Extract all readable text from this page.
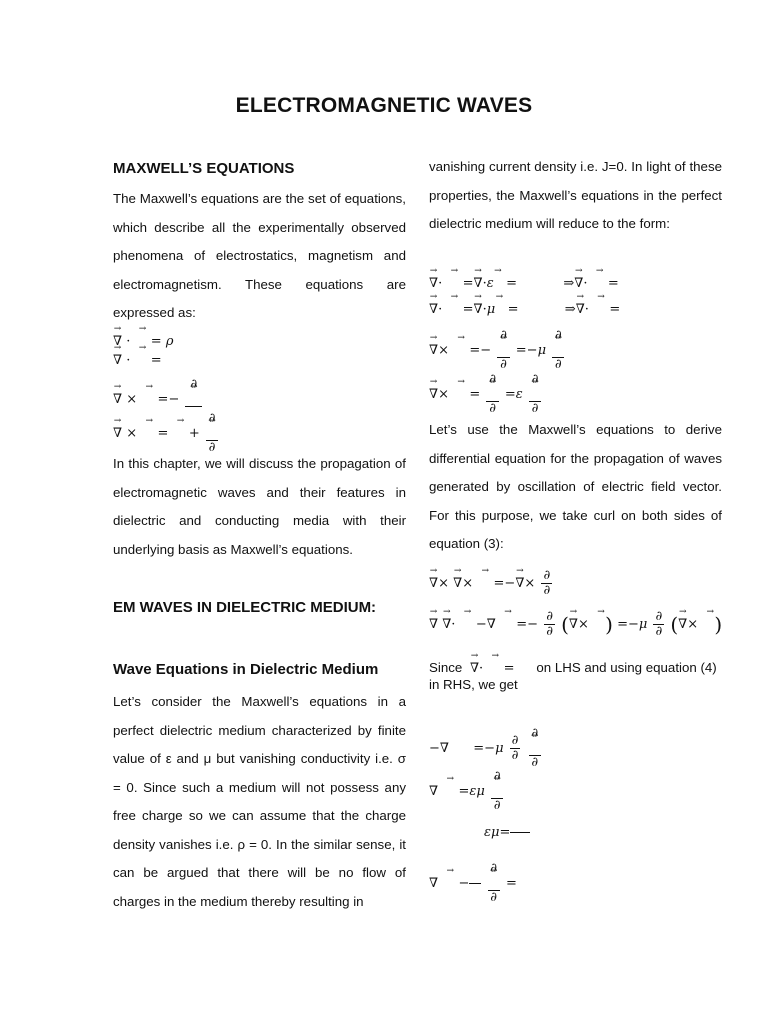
ELECTROMAGNETIC WAVES
MAXWELL’S EQUATIONS
The Maxwell’s equations are the set of equations, which describe all the experimentally observed phenomena of electrostatics, magnetism and electromagnetism. These equations are expressed as:
→ ∇ · → = ρ
→ ∇ · → =
→ ∇ × → =−
∂
→

→ ∇ × → = → + ∂
→
∂
In this chapter, we will discuss the propagation of electromagnetic waves and their features in dielectric and conducting media with their underlying basis as Maxwell’s equations.
EM WAVES IN DIELECTRIC MEDIUM:
Wave Equations in Dielectric Medium
Let’s consider the Maxwell’s equations in a perfect dielectric medium characterized by finite value of ε and μ but vanishing conductivity i.e. σ = 0. Since such a medium will not possess any free charge so we can assume that the charge density vanishes i.e. ρ = 0. In the similar sense, it can be argued that there will be no flow of charges in the medium thereby resulting in
vanishing current density i.e. J=0. In light of these properties, the Maxwell’s equations in the perfect dielectric medium will reduce to the form:
→ ∇· → =→ ∇·ε → =	⇒→ ∇· → =
→ ∇· → =→ ∇·μ → =	⇒→ ∇· → =
→ ∇× → =− ∂
→
∂ =−μ ∂
→
∂
→ ∇× → = ∂
→
∂ =ε ∂
→
∂
Let’s use the Maxwell’s equations to derive differential equation for the propagation of waves generated by oscillation of electric field vector. For this purpose, we take curl on both sides of equation (3):
→ ∇× → ∇× → =−→ ∇× $\frac{\partial}{\partial}$
→ ∇ → ∇· → −∇ → =− $\frac{\partial}{\partial}$ (→ ∇× → ) $=-\mu \frac{\partial}{\partial}$ (→ ∇× → )
Since → ∇· → = on LHS and using equation (4) in RHS, we get
−∇ $=-\mu \frac{\partial}{\partial}$
∂
→
∂
∇ → =εμ ∂
→
∂
εμ=
∇ → − ∂
→
∂ =
